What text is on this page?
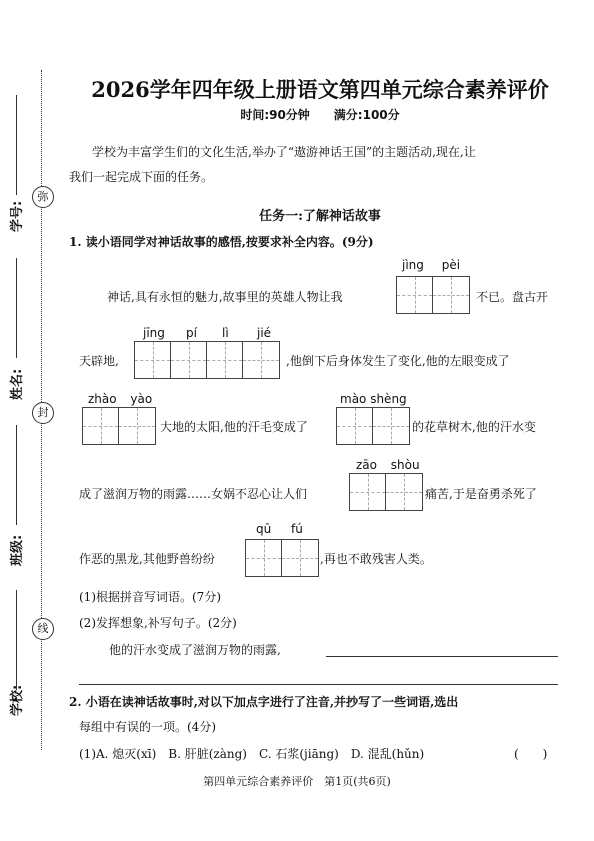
弥
封
线
学号:
姓名:
班级:
学校:
2026学年四年级上册语文第四单元综合素养评价
时间:90分钟　　满分:100分
学校为丰富学生们的文化生活,举办了“遨游神话王国”的主题活动,现在,让
我们一起完成下面的任务。
任务一:了解神话故事
1. 读小语同学对神话故事的感悟,按要求补全内容。(9分)
jìng pèi
神话,具有永恒的魅力,故事里的英雄人物让我	不已。盘古开
jīng pí lì jié
天辟地,	,他倒下后身体发生了变化,他的左眼变成了
zhào yào
大地的太阳,他的汗毛变成了
mào shèng
的花草树木,他的汗水变
zāo shòu
成了滋润万物的雨露……女娲不忍心让人们	痛苦,于是奋勇杀死了
qū fú
作恶的黑龙,其他野兽纷纷	,再也不敢残害人类。
(1)根据拼音写词语。(7分)
(2)发挥想象,补写句子。(2分)
他的汗水变成了滋润万物的雨露,
2. 小语在读神话故事时,对以下加点字进行了注音,并抄写了一些词语,选出
每组中有误的一项。(4分)
(1)A. 熄灭(xī)　B. 肝脏(zàng)　C. 石浆(jiāng)　D. 混乱(hǔn)	(　　)
第四单元综合素养评价　第1页(共6页)
